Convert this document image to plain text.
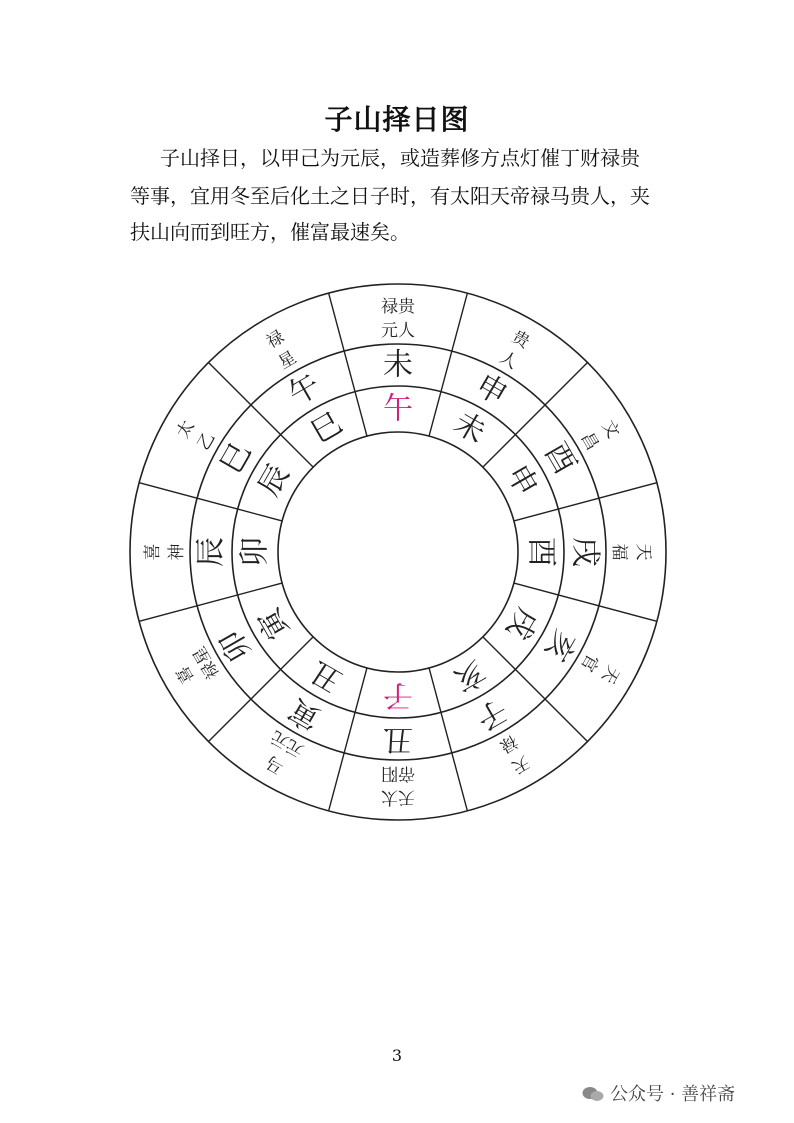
子山择日图
子山择日，以甲己为元辰，或造葬修方点灯催丁财禄贵
等事，宜用冬至后化土之日子时，有太阳天帝禄马贵人，夹
扶山向而到旺方，催富最速矣。
未
申
酉
戌
亥
子
丑
寅
卯
辰
巳
午 午 未
申
酉
戌
亥
子
丑
寅
卯
辰
巳
禄贵
元人	贵
人
文
昌
天
福
天
官
天
禄
天太
帝阳
马
元元
喜
禄星
喜 神
太
乙
禄
星
3
公众号 · 善祥斋
